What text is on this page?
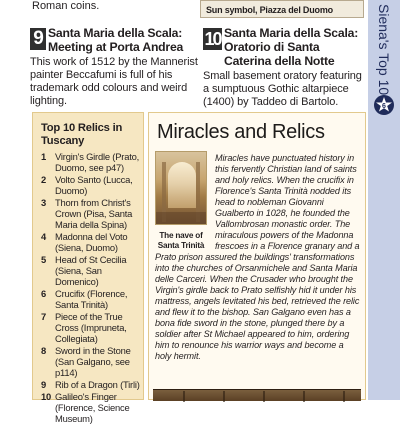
Roman coins.	Sun symbol, Piazza del Duomo
9 Santa Maria della Scala: Meeting at Porta Andrea
This work of 1512 by the Mannerist painter Beccafumi is full of his trademark odd colours and weird lighting.
10 Santa Maria della Scala: Oratorio di Santa Caterina della Notte
Small basement oratory featuring a sumptuous Gothic altarpiece (1400) by Taddeo di Bartolo.
Siena's Top 10
6
Top 10 Relics in Tuscany
1 Virgin's Girdle (Prato, Duomo, see p47)
2 Volto Santo (Lucca, Duomo)
3 Thorn from Christ's Crown (Pisa, Santa Maria della Spina)
4 Madonna del Voto (Siena, Duomo)
5 Head of St Cecilia (Siena, San Domenico)
6 Crucifix (Florence, Santa Trinità)
7 Piece of the True Cross (Impruneta, Collegiata)
8 Sword in the Stone (San Galgano, see p114)
9 Rib of a Dragon (Tirli)
10 Galileo's Finger (Florence, Science Museum)
Miracles and Relics
Miracles have punctuated history in this fervently Christian land of saints and holy relics. When the crucifix in Florence's Santa Trinità nodded its head to nobleman Giovanni Gualberto in 1028, he founded the Vallombrosan monastic order. The miraculous powers of the Madonna frescoes in a Florence granary and a Prato prison assured the buildings' transformations into the churches of Orsanmichele and Santa Maria delle Carceri. When the Crusader who brought the Virgin's girdle back to Prato selfishly hid it under his mattress, angels levitated his bed, retrieved the relic and flew it to the bishop. San Galgano even has a bona fide sword in the stone, plunged there by a soldier after St Michael appeared to him, ordering him to renounce his warrior ways and become a holy hermit.
The nave of Santa Trinità
